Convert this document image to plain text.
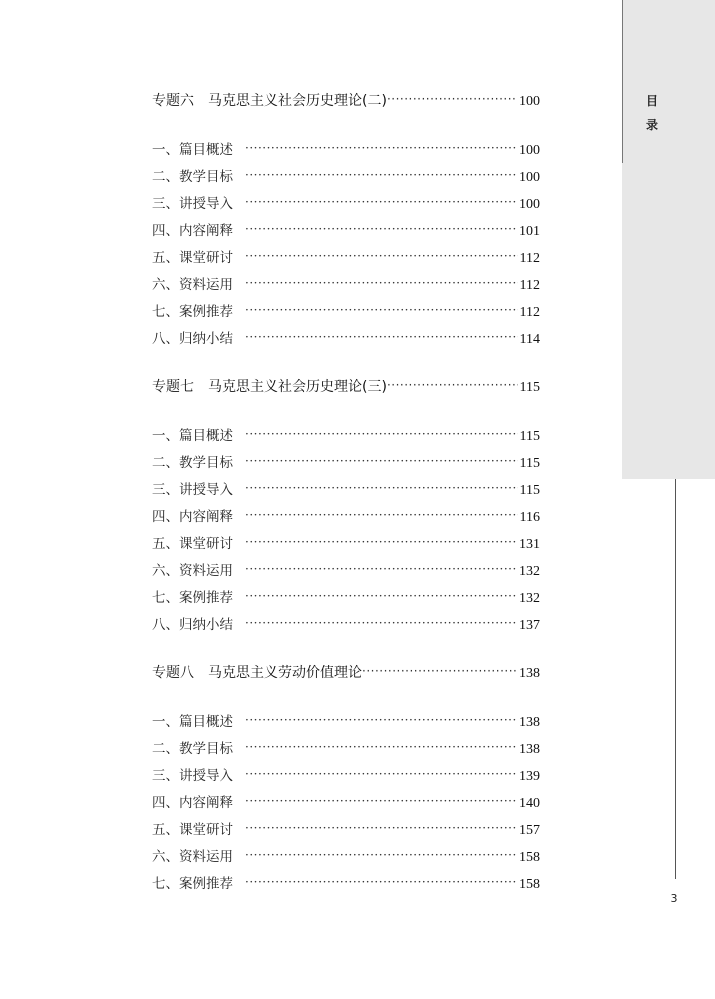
目
录
专题六 马克思主义社会历史理论(二) ·····	100
一、篇目概述 ·····	100
二、教学目标 ·····	100
三、讲授导入 ·····	100
四、内容阐释 ·····	101
五、课堂研讨 ·····	112
六、资料运用 ·····	112
七、案例推荐 ·····	112
八、归纳小结 ·····	114
专题七 马克思主义社会历史理论(三) ·····	115
一、篇目概述 ·····	115
二、教学目标 ·····	115
三、讲授导入 ·····	115
四、内容阐释 ·····	116
五、课堂研讨 ·····	131
六、资料运用 ·····	132
七、案例推荐 ·····	132
八、归纳小结 ·····	137
专题八 马克思主义劳动价值理论 ·····	138
一、篇目概述 ·····	138
二、教学目标 ·····	138
三、讲授导入 ·····	139
四、内容阐释 ·····	140
五、课堂研讨 ·····	157
六、资料运用 ·····	158
七、案例推荐 ·····	158
3
